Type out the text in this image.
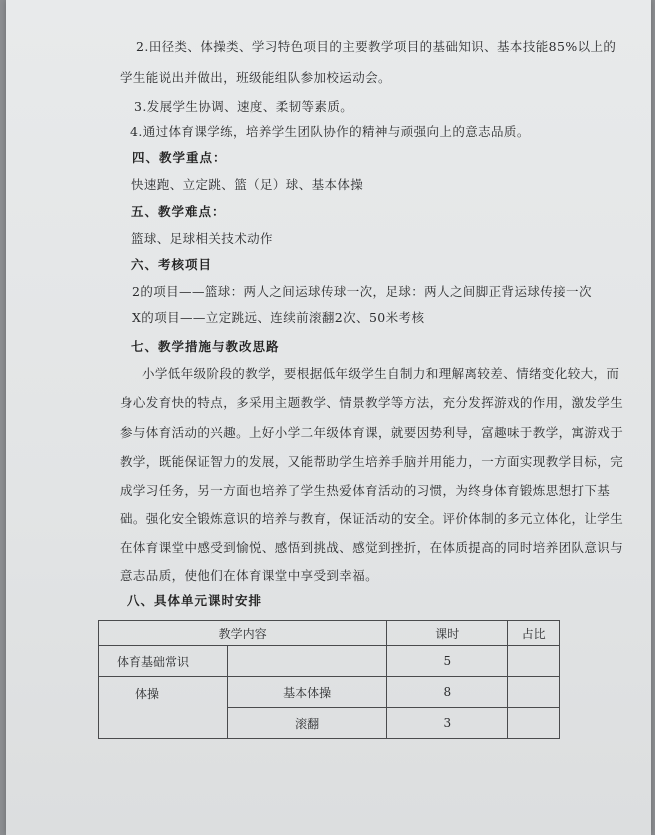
2.田径类、体操类、学习特色项目的主要教学项目的基础知识、基本技能85%以上的
学生能说出并做出，班级能组队参加校运动会。
3.发展学生协调、速度、柔韧等素质。
4.通过体育课学练，培养学生团队协作的精神与顽强向上的意志品质。
四、教学重点：
快速跑、立定跳、篮（足）球、基本体操
五、教学难点：
篮球、足球相关技术动作
六、考核项目
2的项目——篮球：两人之间运球传球一次，足球：两人之间脚正背运球传接一次
X的项目——立定跳远、连续前滚翻2次、50米考核
七、教学措施与教改思路
小学低年级阶段的教学，要根据低年级学生自制力和理解离较差、情绪变化较大，而
身心发育快的特点，多采用主题教学、情景教学等方法，充分发挥游戏的作用，激发学生
参与体育活动的兴趣。上好小学二年级体育课，就要因势利导，富趣味于教学，寓游戏于
教学，既能保证智力的发展，又能帮助学生培养手脑并用能力，一方面实现教学目标，完
成学习任务，另一方面也培养了学生热爱体育活动的习惯，为终身体育锻炼思想打下基
础。强化安全锻炼意识的培养与教育，保证活动的安全。评价体制的多元立体化，让学生
在体育课堂中感受到愉悦、感悟到挑战、感觉到挫折，在体质提高的同时培养团队意识与
意志品质，使他们在体育课堂中享受到幸福。
八、具体单元课时安排
教学内容		课时	占比
体育基础常识		5	
体操	基本体操	8	
	滚翻	3	
